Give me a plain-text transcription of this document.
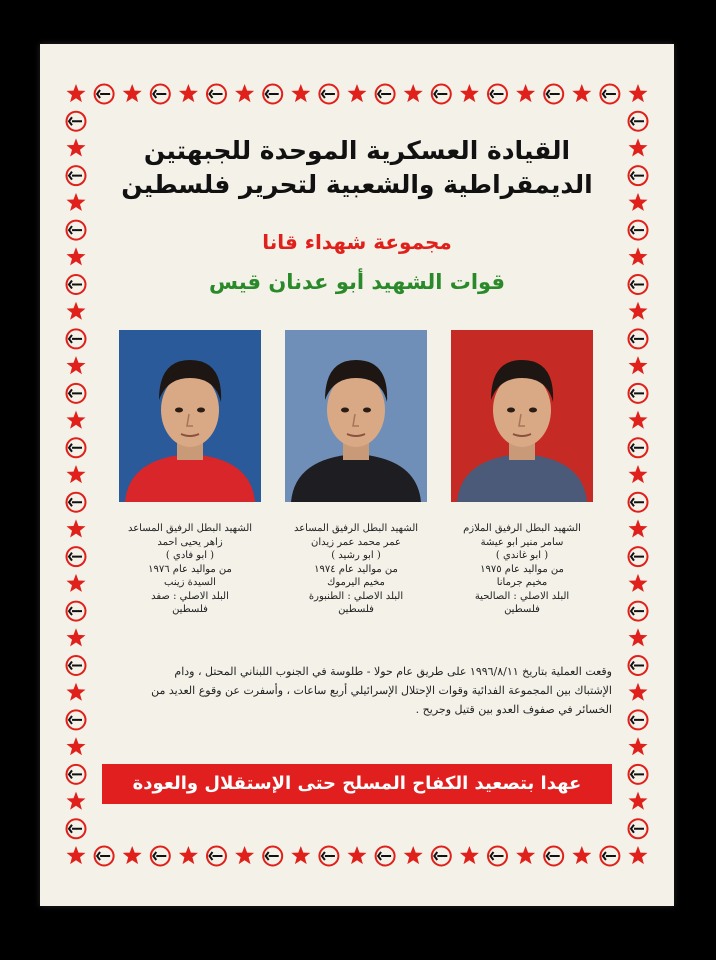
القيادة العسكرية الموحدة للجبهتين
الديمقراطية والشعبية لتحرير فلسطين
مجموعة شهداء قانا
قوات الشهيد أبو عدنان قيس
الشهيد البطل الرفيق الملازم
سامر منير ابو عيشة
( ابو غاندي )
من مواليد عام ١٩٧٥
مخيم جرمانا
البلد الاصلي : الصالحية
فلسطين
الشهيد البطل الرفيق المساعد
عمر محمد عمر زيدان
( ابو رشيد )
من مواليد عام ١٩٧٤
مخيم اليرموك
البلد الاصلي : الطنبورة
فلسطين
الشهيد البطل الرفيق المساعد
زاهر يحيى احمد
( ابو فادي )
من مواليد عام ١٩٧٦
السيدة زينب
البلد الاصلي : صفد
فلسطين
وقعت العملية بتاريخ ١٩٩٦/٨/١١ على طريق عام حولا - طلوسة في الجنوب اللبناني المحتل ، ودام
الإشتباك بين المجموعة الفدائية وقوات الإحتلال الإسرائيلي أربع ساعات ، وأسفرت عن وقوع العديد من
الخسائر في صفوف العدو بين قتيل وجريح .
عهدا بتصعيد الكفاح المسلح حتى الإستقلال والعودة
